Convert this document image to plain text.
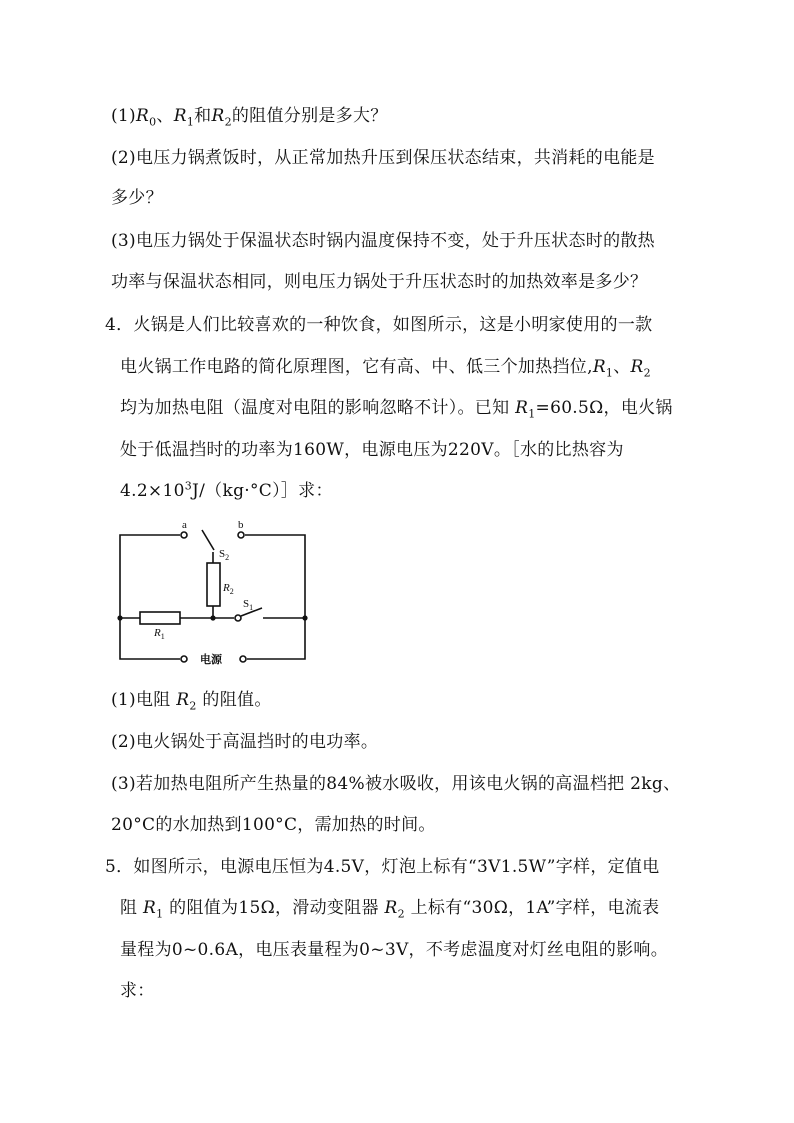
$(1)R_0$、$R_1$和$R_2$的阻值分别是多大？
(2)电压力锅煮饭时，从正常加热升压到保压状态结束，共消耗的电能是
多少？
(3)电压力锅处于保温状态时锅内温度保持不变，处于升压状态时的散热
功率与保温状态相同，则电压力锅处于升压状态时的加热效率是多少？
4．火锅是人们比较喜欢的一种饮食，如图所示，这是小明家使用的一款
电火锅工作电路的简化原理图，它有高、中、低三个加热挡位$,R_1$、$R_2$
均为加热电阻（温度对电阻的影响忽略不计）。已知 $R_1=60.5\Omega$，电火锅
处于低温挡时的功率为160W，电源电压为220V。［水的比热容为
$4.2\times 10^3J/(kg\cdot^\circ C)]$求：
a	b
$S_2$
$R_2$
$S_1$
$R_1$
电源
(1)电阻 $R_2$ 的阻值。
(2)电火锅处于高温挡时的电功率。
(3)若加热电阻所产生热量的84%被水吸收，用该电火锅的高温档把 2kg、
20°C的水加热到100°C，需加热的时间。
5．如图所示，电源电压恒为4.5V，灯泡上标有“3V1.5W”字样，定值电
阻 $R_1$ 的阻值为15Ω，滑动变阻器 $R_2$ 上标有“30Ω，1A”字样，电流表
量程为0~0.6A，电压表量程为0~3V，不考虑温度对灯丝电阻的影响。
求：
